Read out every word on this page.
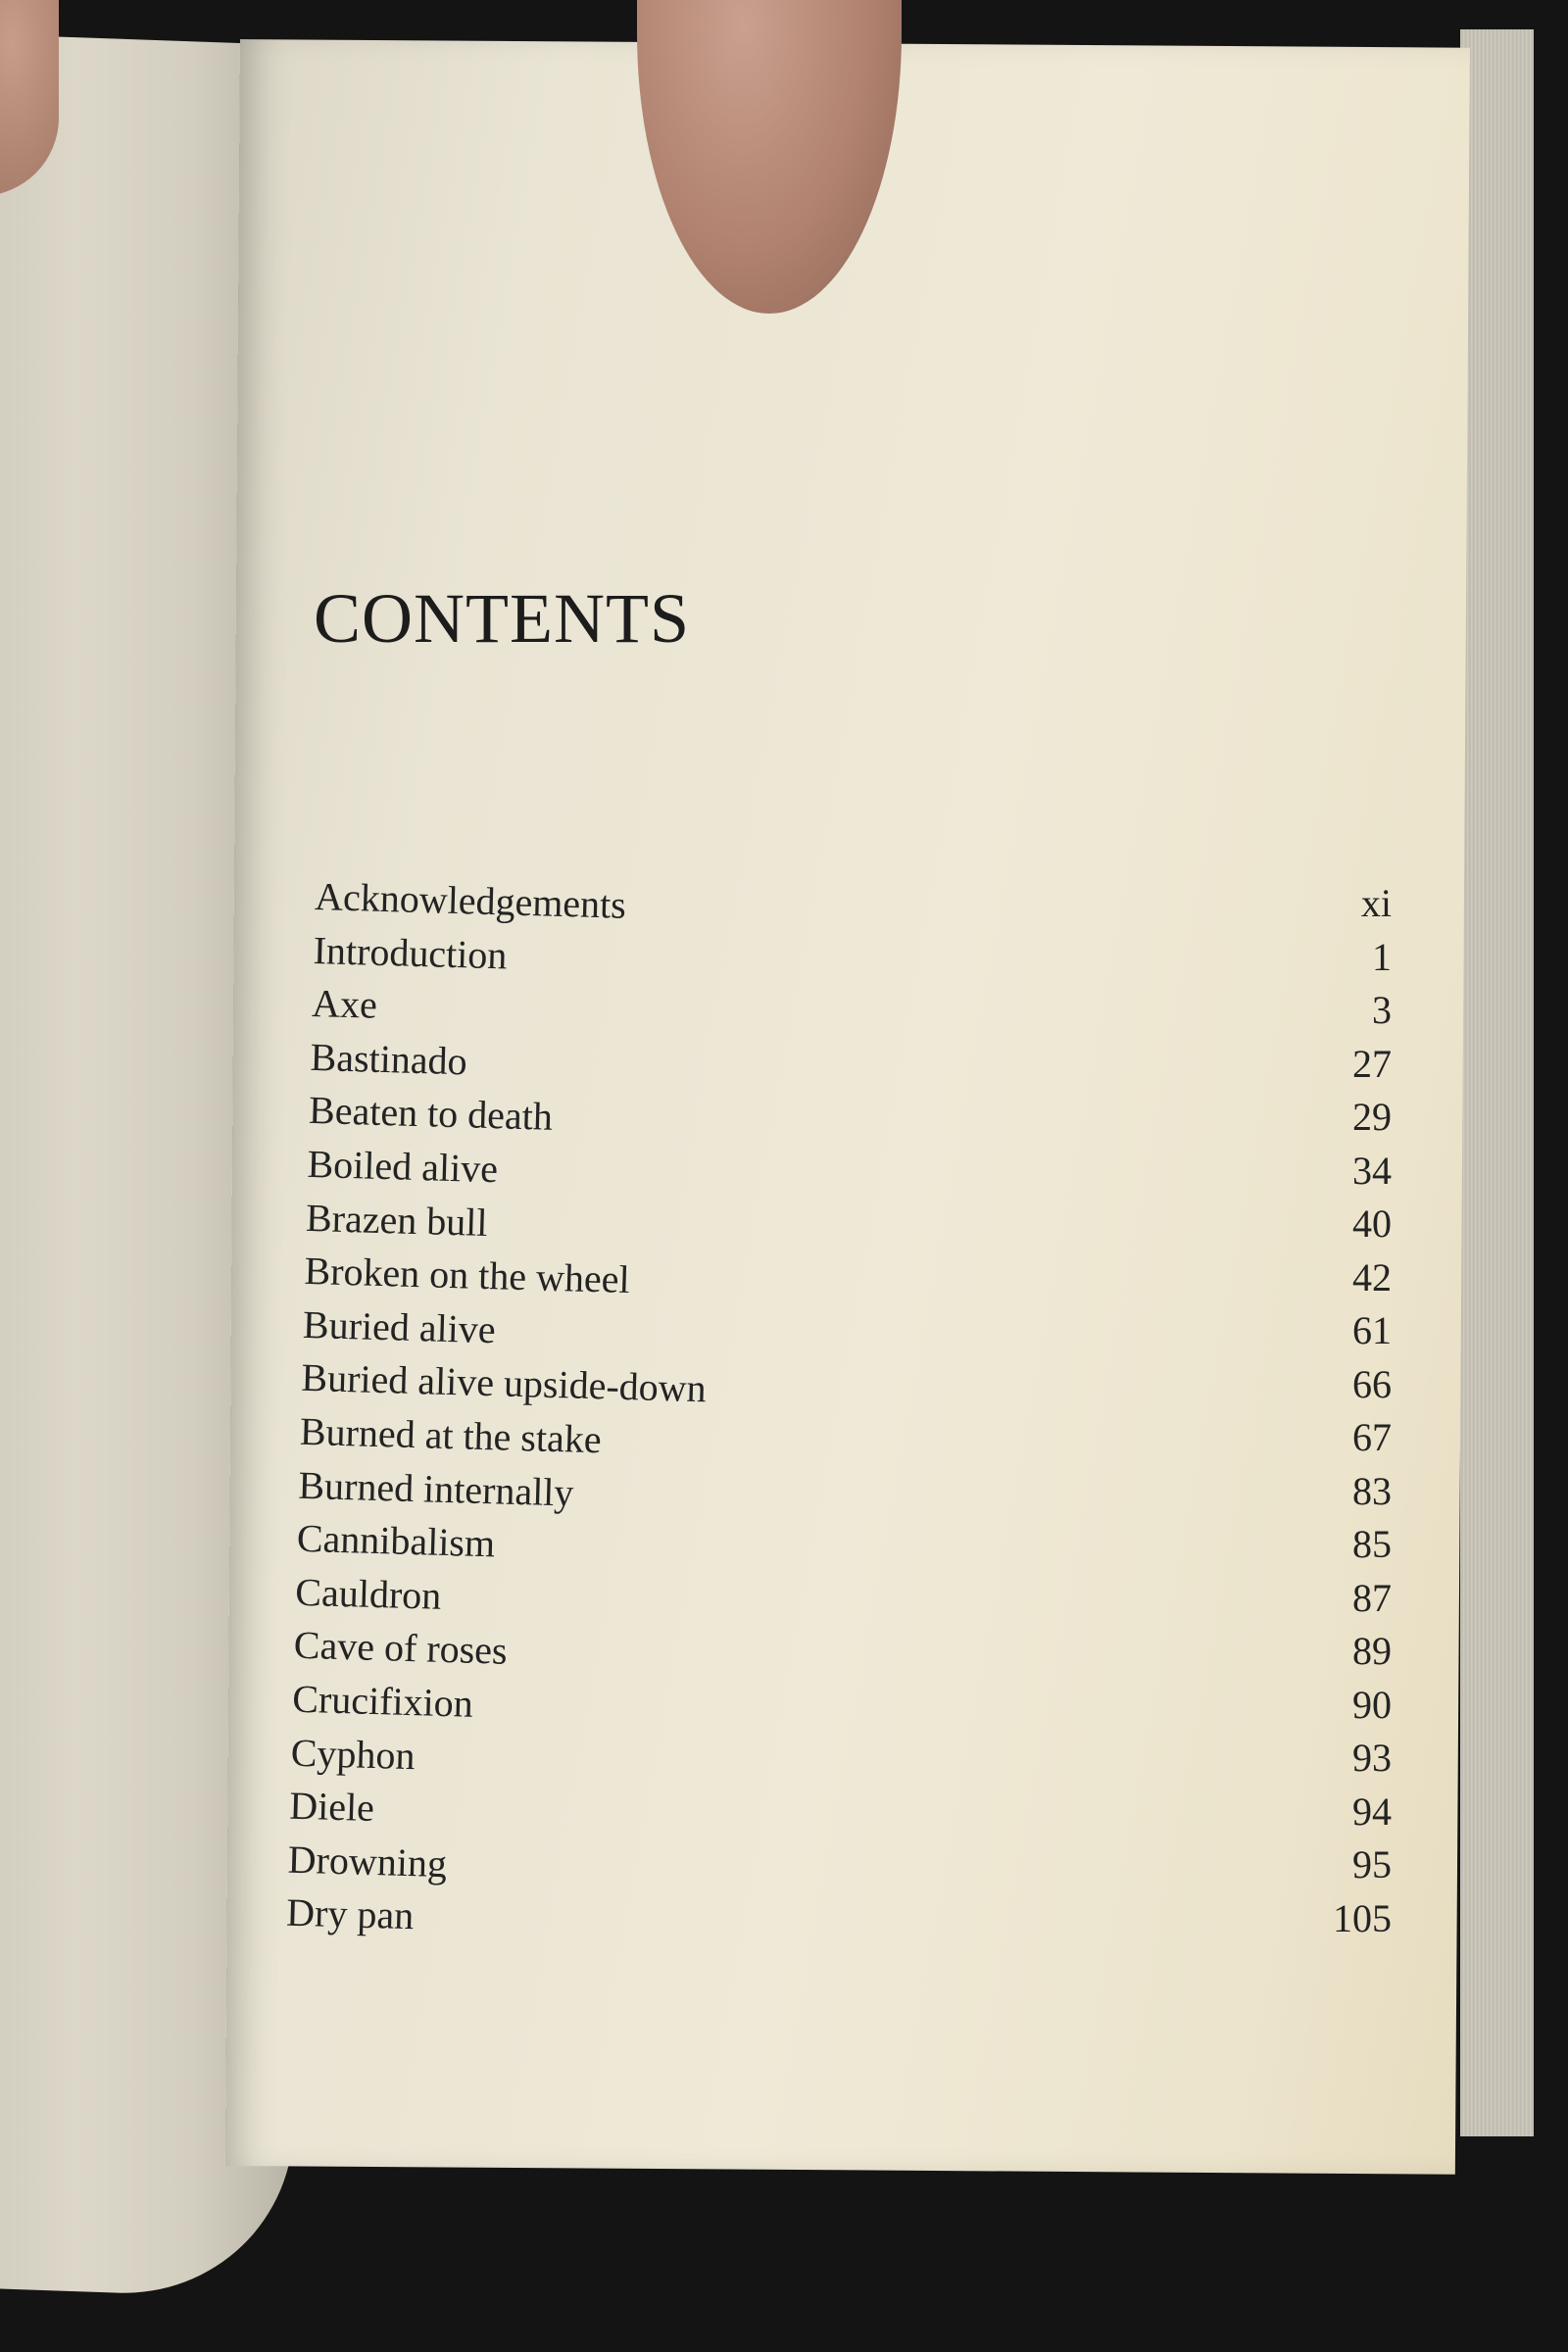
CONTENTS
Acknowledgements
Introduction
Axe
Bastinado
Beaten to death
Boiled alive
Brazen bull
Broken on the wheel
Buried alive
Buried alive upside-down
Burned at the stake
Burned internally
Cannibalism
Cauldron
Cave of roses
Crucifixion
Cyphon
Diele
Drowning
Dry pan
xi
1
3
27
29
34
40
42
61
66
67
83
85
87
89
90
93
94
95
105
